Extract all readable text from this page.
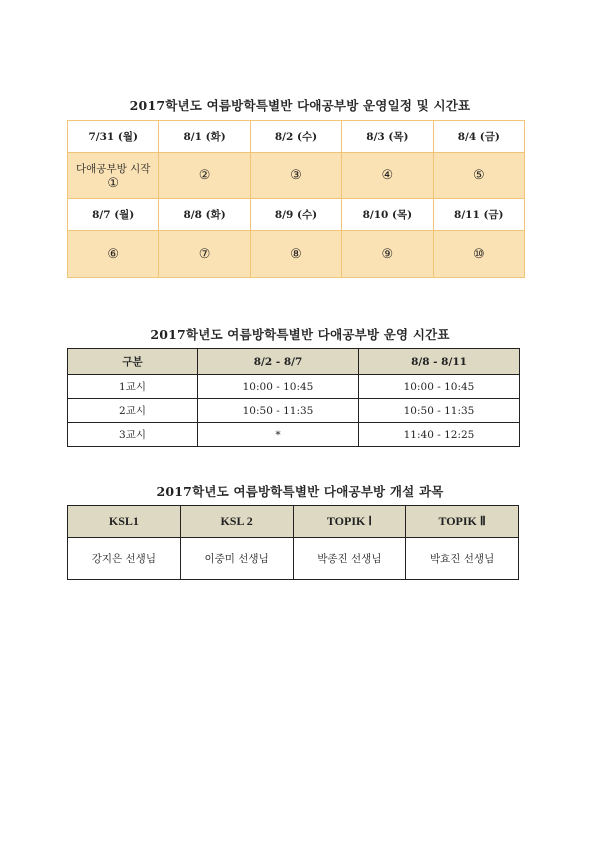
2017학년도 여름방학특별반 다애공부방 운영일정 및 시간표
7/31 (월)	8/1 (화)	8/2 (수)	8/3 (목)	8/4 (금)

다애공부방 시작
①	②	③	④	⑤

8/7 (월)	8/8 (화)	8/9 (수)	8/10 (목)	8/11 (금)

⑥	⑦	⑧	⑨	⑩
2017학년도 여름방학특별반 다애공부방 운영 시간표
구분	8/2 - 8/7	8/8 - 8/11
1교시	10:00 - 10:45	10:00 - 10:45
2교시	10:50 - 11:35	10:50 - 11:35
3교시	*	11:40 - 12:25
2017학년도 여름방학특별반 다애공부방 개설 과목
KSL1	KSL 2	TOPIK Ⅰ	TOPIK Ⅱ
강지은 선생님	이중미 선생님	박종진 선생님	박효진 선생님
